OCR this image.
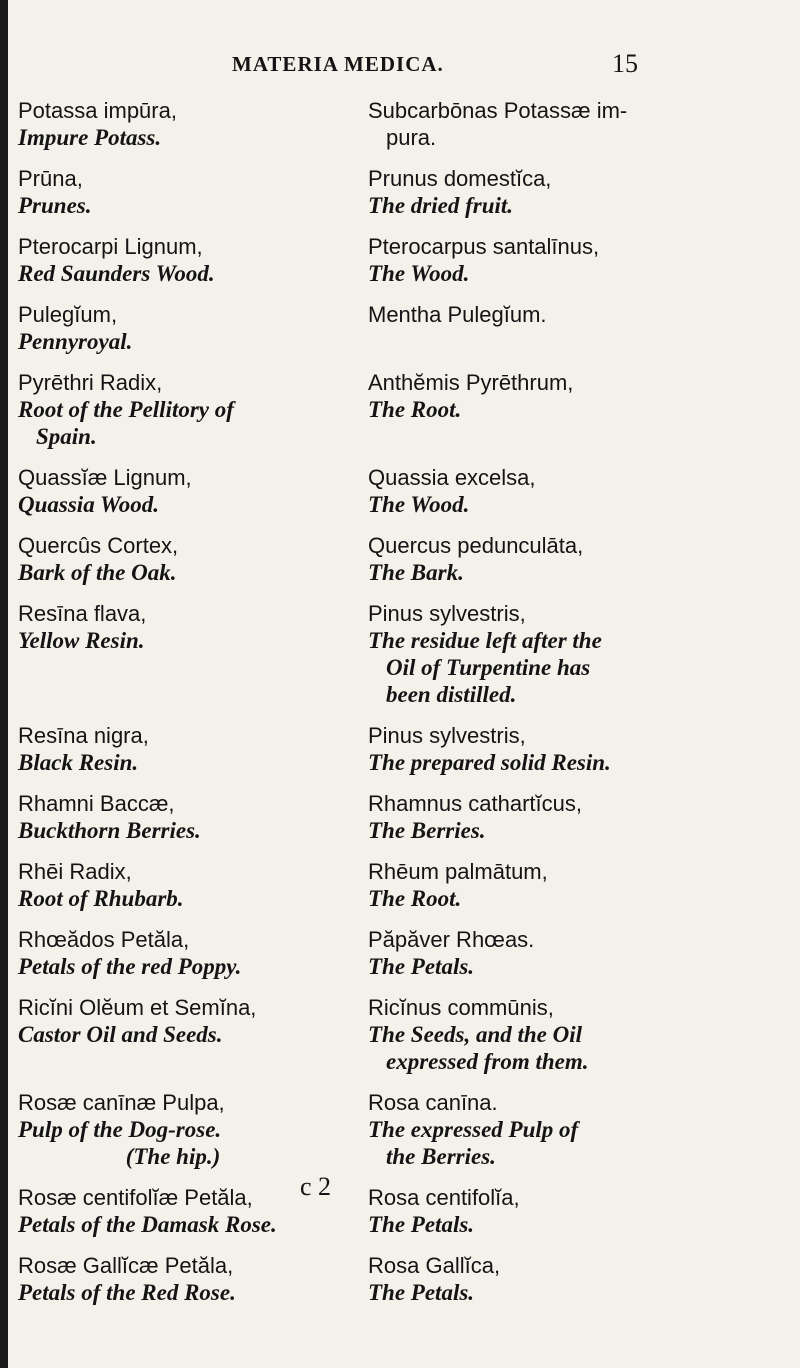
MATERIA MEDICA.	15
Potassa impūra,
Impure Potass.
Subcarbōnas Potassæ im-
pura.
Prūna,
Prunes.
Prunus domestĭca,
The dried fruit.
Pterocarpi Lignum,
Red Saunders Wood.
Pterocarpus santalīnus,
The Wood.
Pulegĭum,
Pennyroyal.
Mentha Pulegĭum.
Pyrēthri Radix,
Root of the Pellitory of
Spain.
Anthĕmis Pyrēthrum,
The Root.
Quassĭæ Lignum,
Quassia Wood.
Quassia excelsa,
The Wood.
Quercûs Cortex,
Bark of the Oak.
Quercus pedunculāta,
The Bark.
Resīna flava,
Yellow Resin.
Pinus sylvestris,
The residue left after the
Oil of Turpentine has
been distilled.
Resīna nigra,
Black Resin.
Pinus sylvestris,
The prepared solid Resin.
Rhamni Baccæ,
Buckthorn Berries.
Rhamnus cathartĭcus,
The Berries.
Rhēi Radix,
Root of Rhubarb.
Rhēum palmātum,
The Root.
Rhœădos Petăla,
Petals of the red Poppy.
Păpăver Rhœas.
The Petals.
Ricĭni Olĕum et Semĭna,
Castor Oil and Seeds.
Ricĭnus commūnis,
The Seeds, and the Oil
expressed from them.
Rosæ canīnæ Pulpa,
Pulp of the Dog-rose.
(The hip.)
Rosa canīna.
The expressed Pulp of
the Berries.
Rosæ centifolĭæ Petăla,
Petals of the Damask Rose.
Rosa centifolĭa,
The Petals.
Rosæ Gallĭcæ Petăla,
Petals of the Red Rose.
Rosa Gallĭca,
The Petals.
c 2
